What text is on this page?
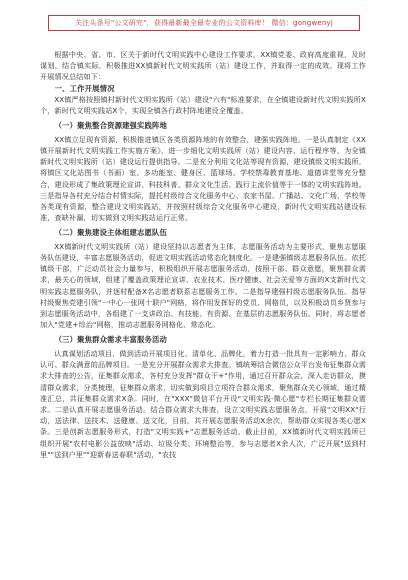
关注头条号"公文研究"，获得最新最全最专业的公文资料库！ 微信：gongwenyj

根据中央、省、市、区关于新时代文明实践中心建设工作要求，XX镇党委、政府高度重视，及时谋划，结合镇实际，积极推进XX镇新时代文明实践所（站）建设工作，并取得一定的成效。现将工作开展情况总结如下：

一、工作开展情况

XX镇严格按照镇村新时代文明实践所（站）建设"六有"标准要求，在全镇建设新时代文明实践所X个，新时代文明实践站X个，实现全镇各行政村阵地建设全覆盖。

（一）聚焦整合资源建强实践阵地

XX镇立足现有资源，积极推进镇区各类资源阵地的有效整合，建强实践阵地。一是认真制定《XX镇开展新时代文明实践工作实施方案》，进一步细化文明实践所（站）建设内容、运行程序等，为全镇新时代文明实践所（站）建设运行提供指导。二是充分利用文化站等现有资源，建设镇级文明实践所，将镇区文化站图书（书画）室、多功能室、健身区、篮球场、学校禁毒教育基地、道德讲堂等充分整合，建设形成了集政策理论宣讲、科技科普、群众文化生活、践行主流价值等于一体的文明实践阵地。三是指导各村充分结合村情实际，提托村级综合文化服务中心、农家书屋、广播站、文化广场、学校等各类现有资源，整合建设文明实践站，并按照村级综合文化服务中心建设，新时代文明实践站建设标准，查缺补漏，切实做到文明实践站运行正常。

（二）聚焦建设主体组建志愿队伍

XX镇新时代文明实践所（站）建设坚持以志愿者为主体，志愿服务活动为主要形式，聚焦志愿服务队伍建设，丰富志愿服务活动，促进文明实践活动常态化制度化。一是建强镇级志愿服务队伍。依托镇级干部，广泛动员社会力量参与，积极组织开展志愿服务活动，按照干部、群众意愿，聚焦群众需求，最关心的领域，组建了覆盖政策理论宣讲、农业技术、医疗健康、社会关爱等方面的X支新时代文明实践志愿服务队，并逐村配备X名志愿者联系志愿服务工作。二是指导建强村级志愿服务队伍。指导村级聚焦党建引领"一中心一张网十联户"网格，将作用发挥好的党员、网格员，以及积极动员乡贤参与到志愿服务活动中，各组建了一支讲政治、有技能、有资源、在基层的志愿服务队伍。同时，将志愿者加入"党建+综治"网格，推动志愿服务网格化、常态化。

（三）聚焦群众需求丰富服务活动

认真谋划活动项目，做到活动开展项目化、清单化、品牌化，着力打造一批具有一定影响力、群众认可、群众满意的品牌项目。一是充分开展群众需求大排查。镇统筹结合微信公众平台发布征集群众需求大排查的公告，征集群众需求，各村充分发挥"群众干+"作用，通过召开群众会，深入走访群众，摸清群众需求，分类梳理，征集群众需求，切实做到项目立项符合群众需求，聚焦群众关心领域，通过精准汇总，共征集群众需求X条。同时，在"XXX"微信平台开设"文明实践·微心愿"专栏长期征集群众需求。二是认真开展志愿服务活动。结合群众需求大排查，设立文明实践志愿服务点，开展"文明XX"行动，送法律、送技术、送健康、送文化，目前，共开展志愿服务活动X余次，帮助群众实现各类心愿X条。三是创新志愿服务形式，打造"文明实践+"志愿服务活动，截止目前，XX镇新时代文明实践所已组织开展"农村电影公益放映"活动、垃圾分类、环境整治等，参与志愿者X余人次，广泛开展"送到村里""送到户里""迎新春送春联"活动，"农技
